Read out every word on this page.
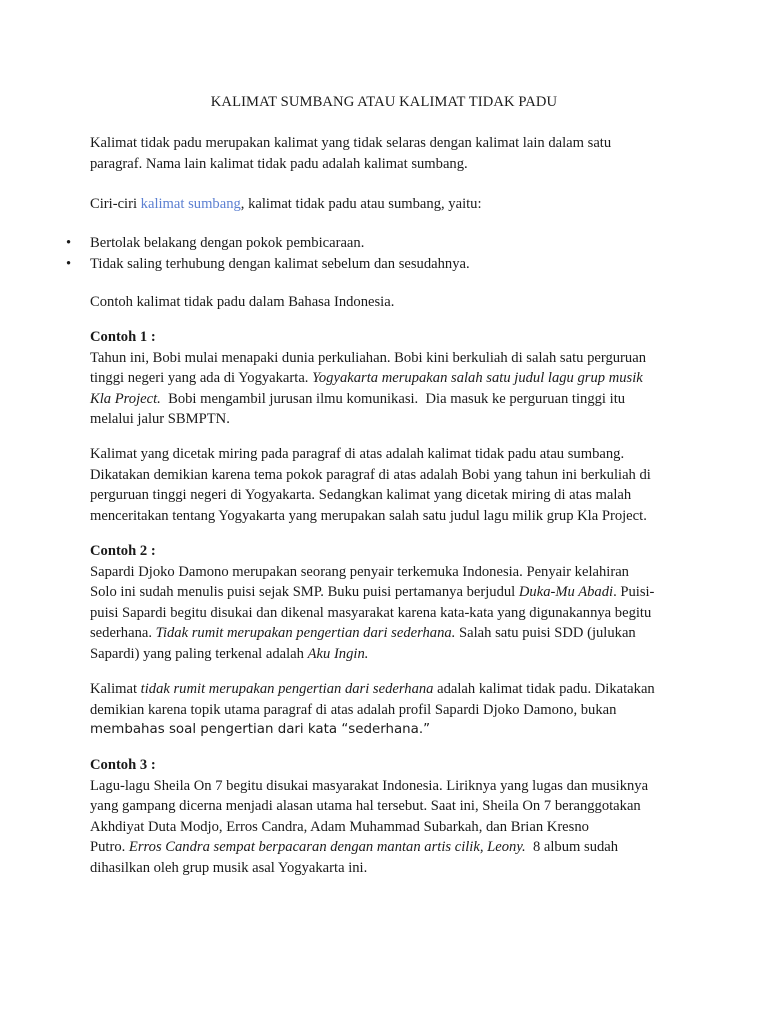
KALIMAT SUMBANG ATAU KALIMAT TIDAK PADU
Kalimat tidak padu merupakan kalimat yang tidak selaras dengan kalimat lain dalam satu
paragraf. Nama lain kalimat tidak padu adalah kalimat sumbang.
Ciri-ciri kalimat sumbang, kalimat tidak padu atau sumbang, yaitu:
• Bertolak belakang dengan pokok pembicaraan.
• Tidak saling terhubung dengan kalimat sebelum dan sesudahnya.
Contoh kalimat tidak padu dalam Bahasa Indonesia.
Contoh 1 :
Tahun ini, Bobi mulai menapaki dunia perkuliahan. Bobi kini berkuliah di salah satu perguruan
tinggi negeri yang ada di Yogyakarta. Yogyakarta merupakan salah satu judul lagu grup musik
Kla Project.  Bobi mengambil jurusan ilmu komunikasi.  Dia masuk ke perguruan tinggi itu
melalui jalur SBMPTN.
Kalimat yang dicetak miring pada paragraf di atas adalah kalimat tidak padu atau sumbang.
Dikatakan demikian karena tema pokok paragraf di atas adalah Bobi yang tahun ini berkuliah di
perguruan tinggi negeri di Yogyakarta. Sedangkan kalimat yang dicetak miring di atas malah
menceritakan tentang Yogyakarta yang merupakan salah satu judul lagu milik grup Kla Project.
Contoh 2 :
Sapardi Djoko Damono merupakan seorang penyair terkemuka Indonesia. Penyair kelahiran
Solo ini sudah menulis puisi sejak SMP. Buku puisi pertamanya berjudul Duka-Mu Abadi. Puisi-
puisi Sapardi begitu disukai dan dikenal masyarakat karena kata-kata yang digunakannya begitu
sederhana. Tidak rumit merupakan pengertian dari sederhana. Salah satu puisi SDD (julukan
Sapardi) yang paling terkenal adalah Aku Ingin.
Kalimat tidak rumit merupakan pengertian dari sederhana adalah kalimat tidak padu. Dikatakan
demikian karena topik utama paragraf di atas adalah profil Sapardi Djoko Damono, bukan
membahas soal pengertian dari kata “sederhana.”
Contoh 3 :
Lagu-lagu Sheila On 7 begitu disukai masyarakat Indonesia. Liriknya yang lugas dan musiknya
yang gampang dicerna menjadi alasan utama hal tersebut. Saat ini, Sheila On 7 beranggotakan
Akhdiyat Duta Modjo, Erros Candra, Adam Muhammad Subarkah, dan Brian Kresno
Putro. Erros Candra sempat berpacaran dengan mantan artis cilik, Leony.  8 album sudah
dihasilkan oleh grup musik asal Yogyakarta ini.
